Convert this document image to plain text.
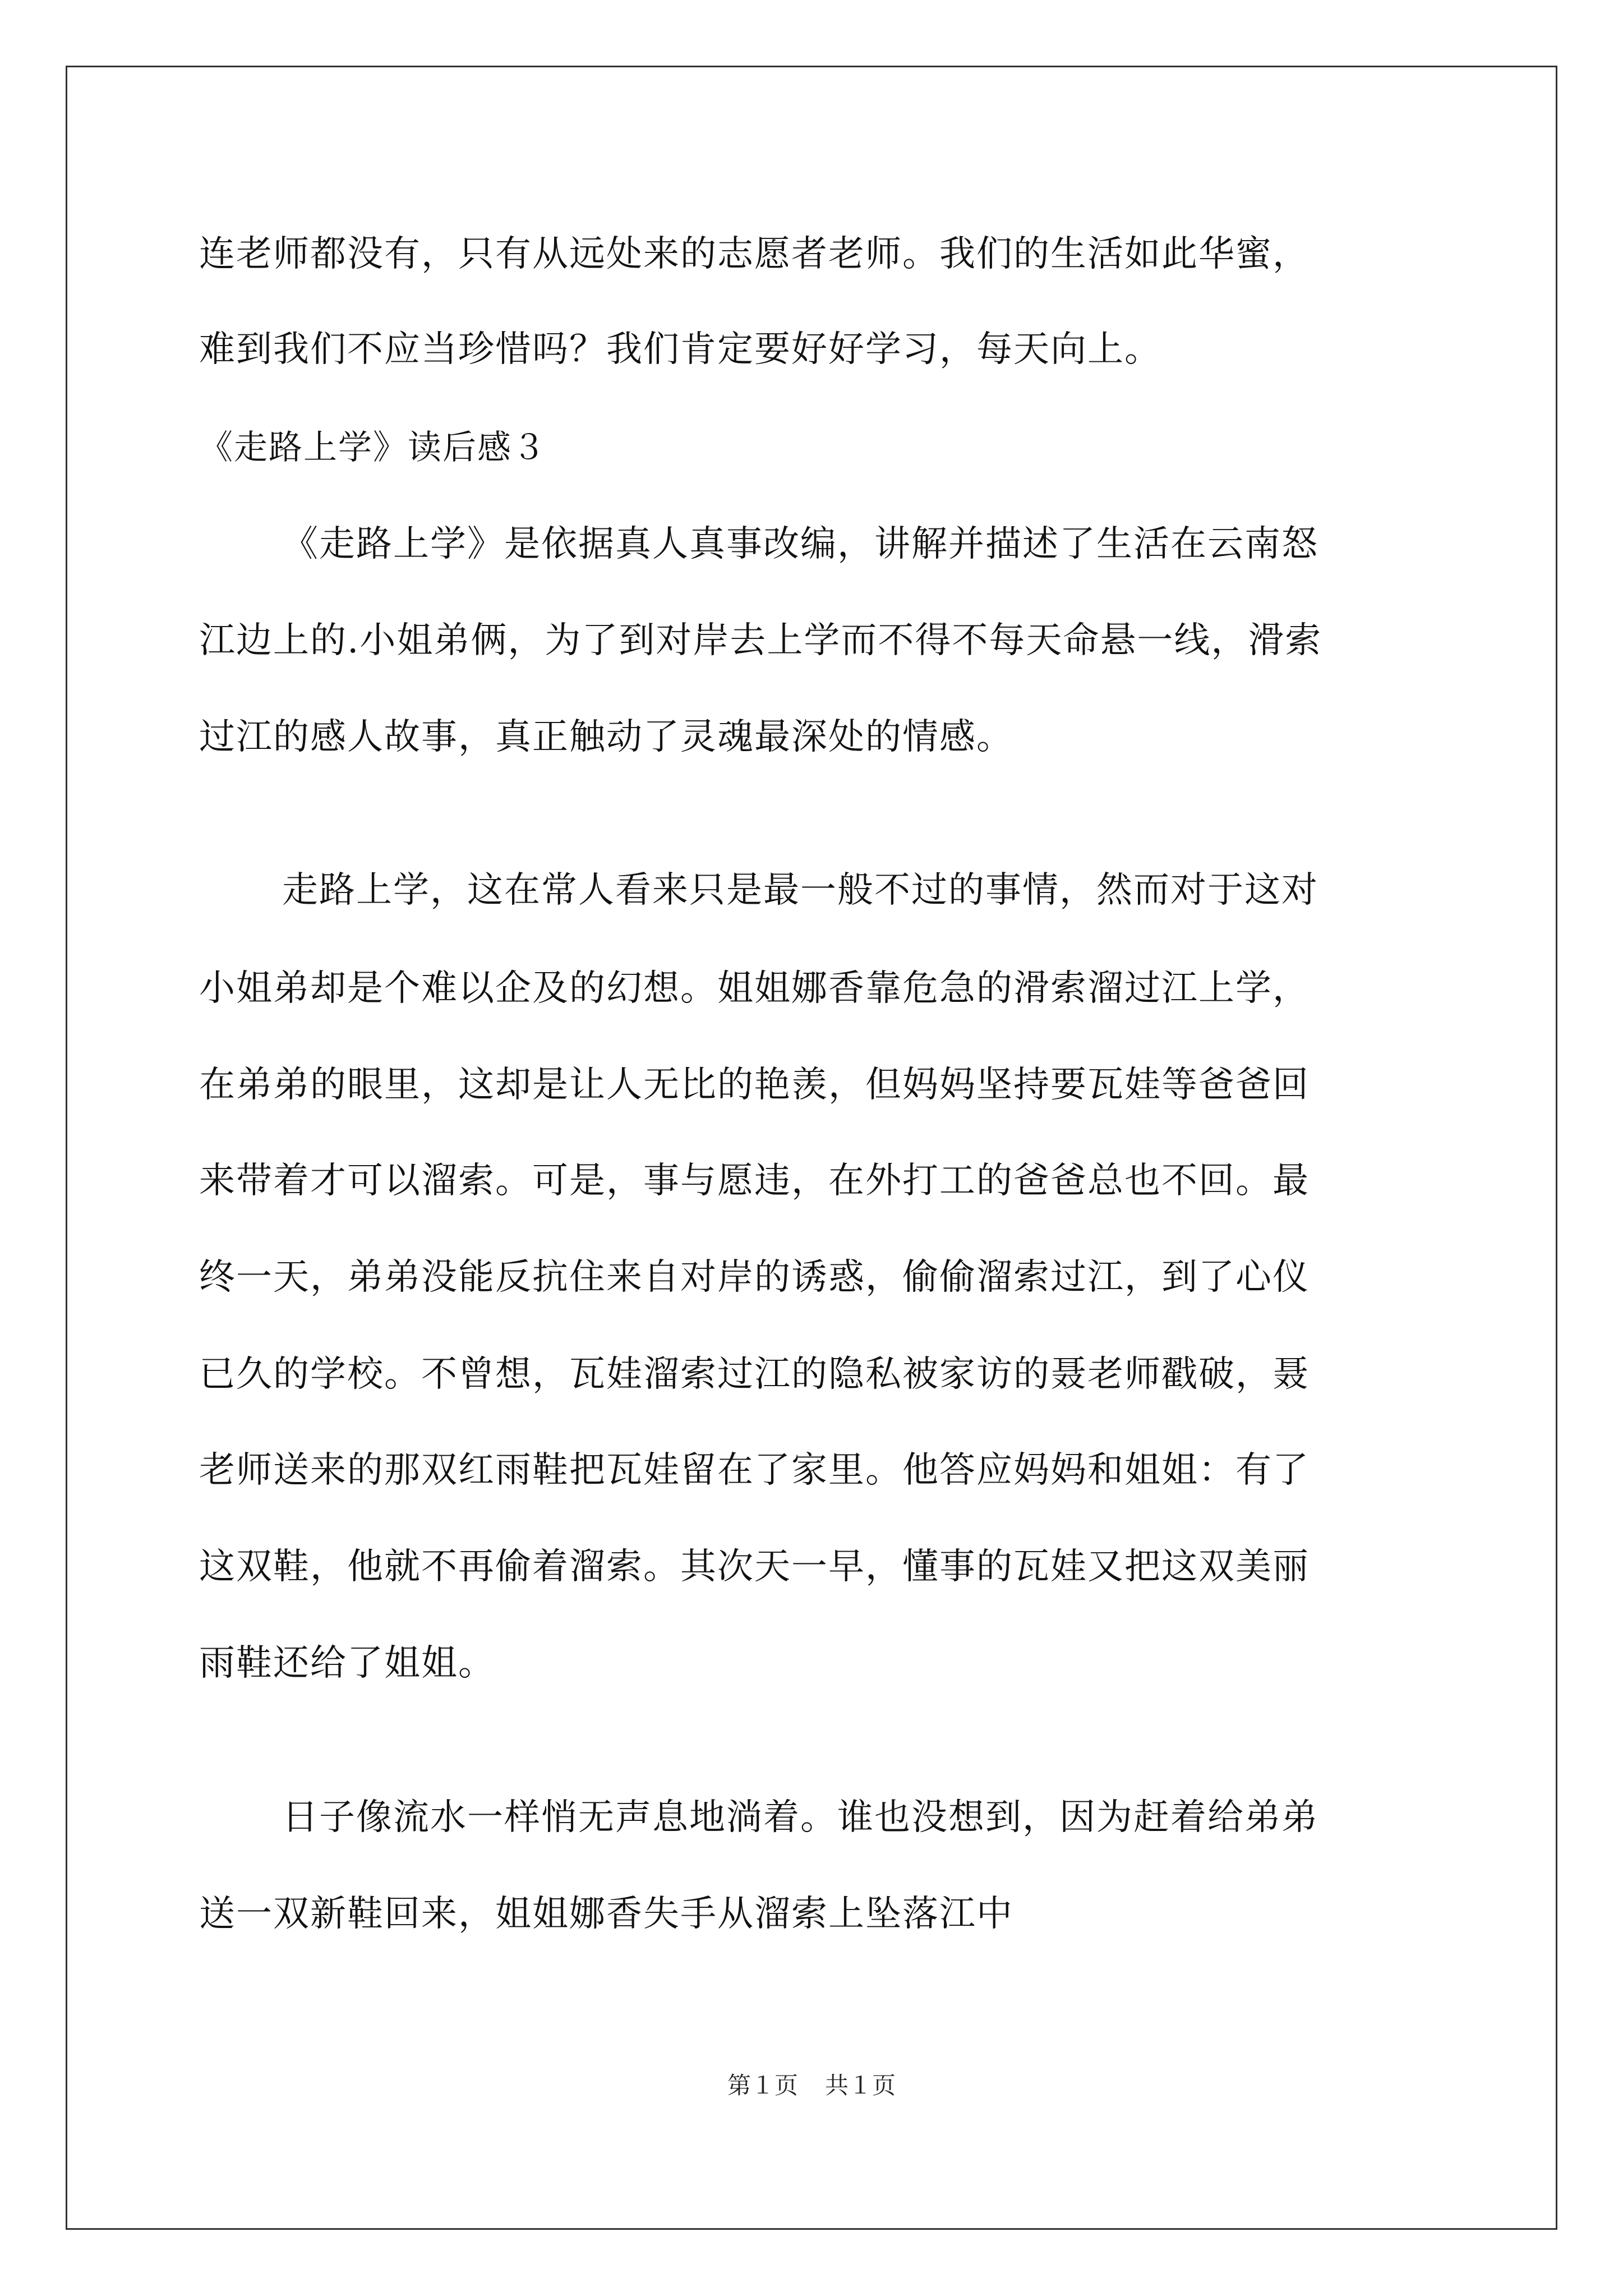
连老师都没有，只有从远处来的志愿者老师。我们的生活如此华蜜，
难到我们不应当珍惜吗？我们肯定要好好学习，每天向上。
《走路上学》读后感３
《走路上学》是依据真人真事改编，讲解并描述了生活在云南怒
江边上的.小姐弟俩，为了到对岸去上学而不得不每天命悬一线，滑索
过江的感人故事，真正触动了灵魂最深处的情感。
走路上学，这在常人看来只是最一般不过的事情，然而对于这对
小姐弟却是个难以企及的幻想。姐姐娜香靠危急的滑索溜过江上学，
在弟弟的眼里，这却是让人无比的艳羡，但妈妈坚持要瓦娃等爸爸回
来带着才可以溜索。可是，事与愿违，在外打工的爸爸总也不回。最
终一天，弟弟没能反抗住来自对岸的诱惑，偷偷溜索过江，到了心仪
已久的学校。不曾想，瓦娃溜索过江的隐私被家访的聂老师戳破，聂
老师送来的那双红雨鞋把瓦娃留在了家里。他答应妈妈和姐姐：有了
这双鞋，他就不再偷着溜索。其次天一早，懂事的瓦娃又把这双美丽
雨鞋还给了姐姐。
日子像流水一样悄无声息地淌着。谁也没想到，因为赶着给弟弟
送一双新鞋回来，姐姐娜香失手从溜索上坠落江中
第１页 共１页
